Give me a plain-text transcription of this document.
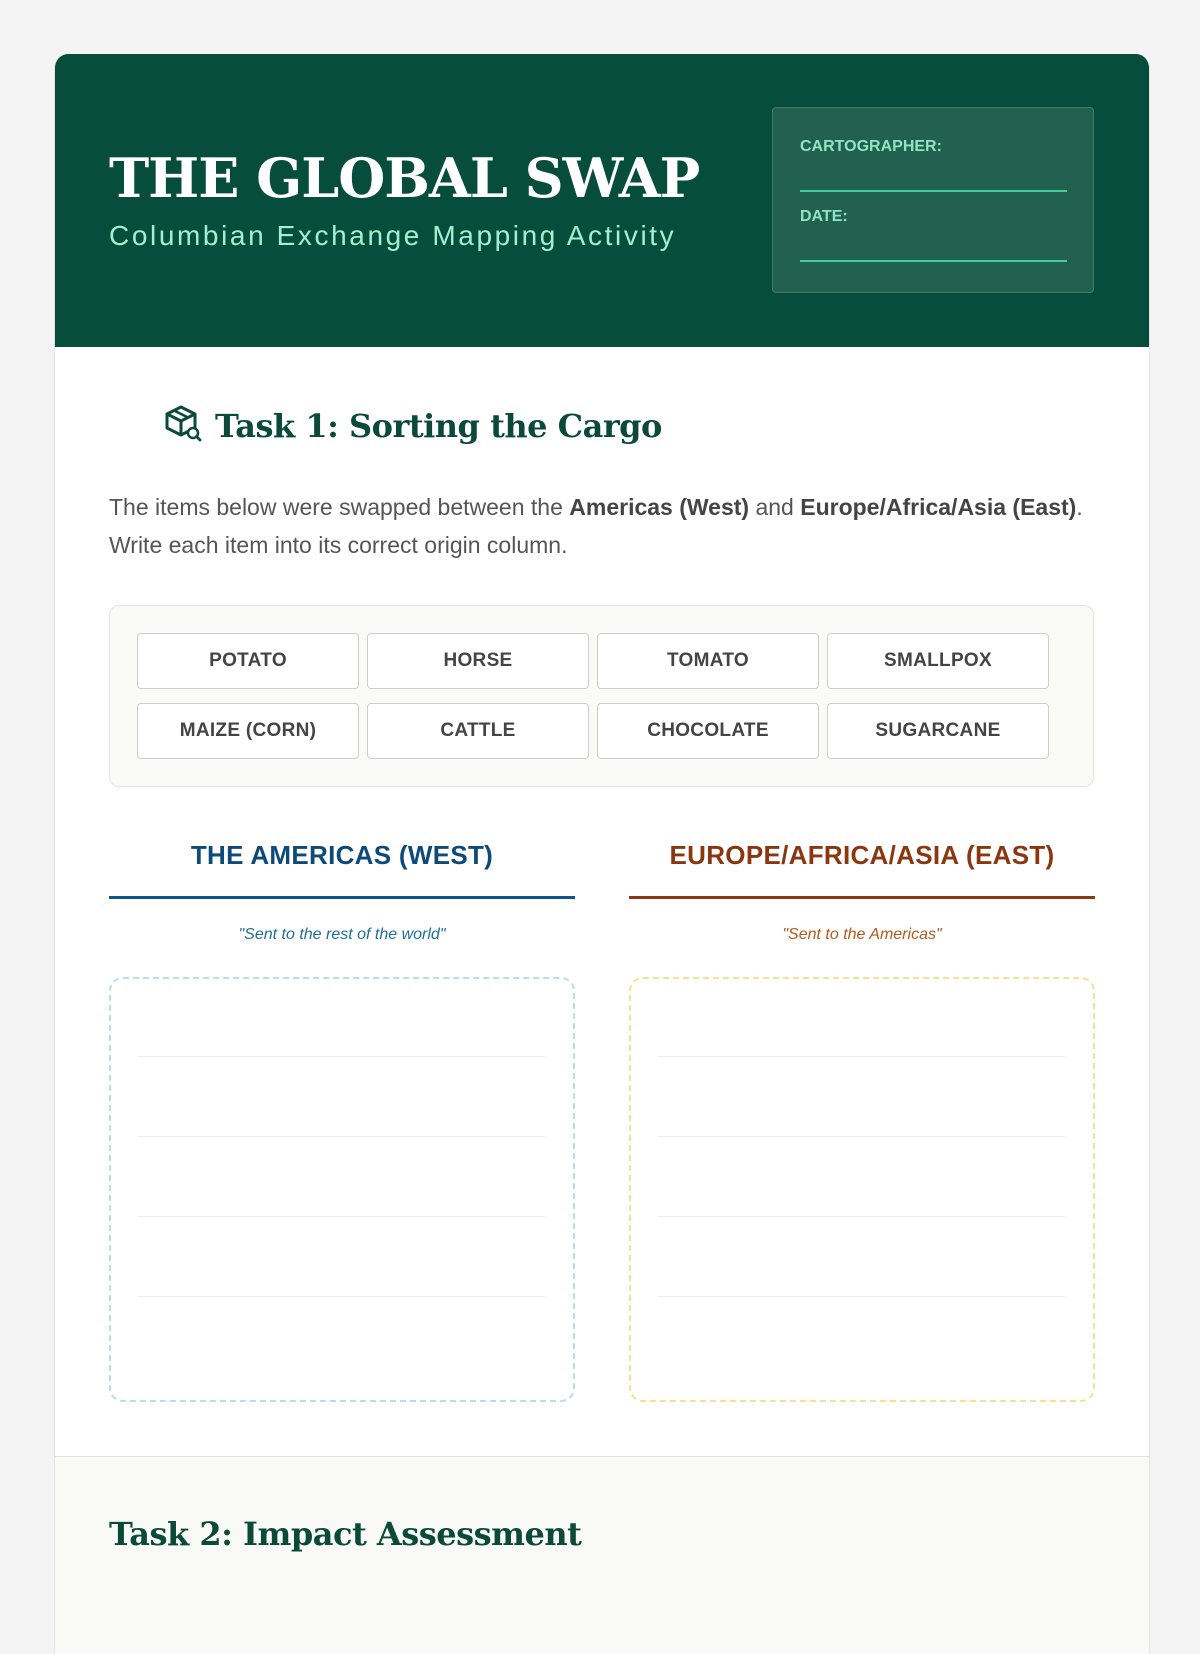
THE GLOBAL SWAP

Columbian Exchange Mapping Activity

CARTOGRAPHER:
DATE:
Task 1: Sorting the Cargo

The items below were swapped between the Americas (West) and Europe/Africa/Asia (East). Write each item into its correct origin column.

POTATO	HORSE	TOMATO	SMALLPOX
MAIZE (CORN)	CATTLE	CHOCOLATE	SUGARCANE
THE AMERICAS (WEST)

"Sent to the rest of the world"

EUROPE/AFRICA/ASIA (EAST)

"Sent to the Americas"

Task 2: Impact Assessment
